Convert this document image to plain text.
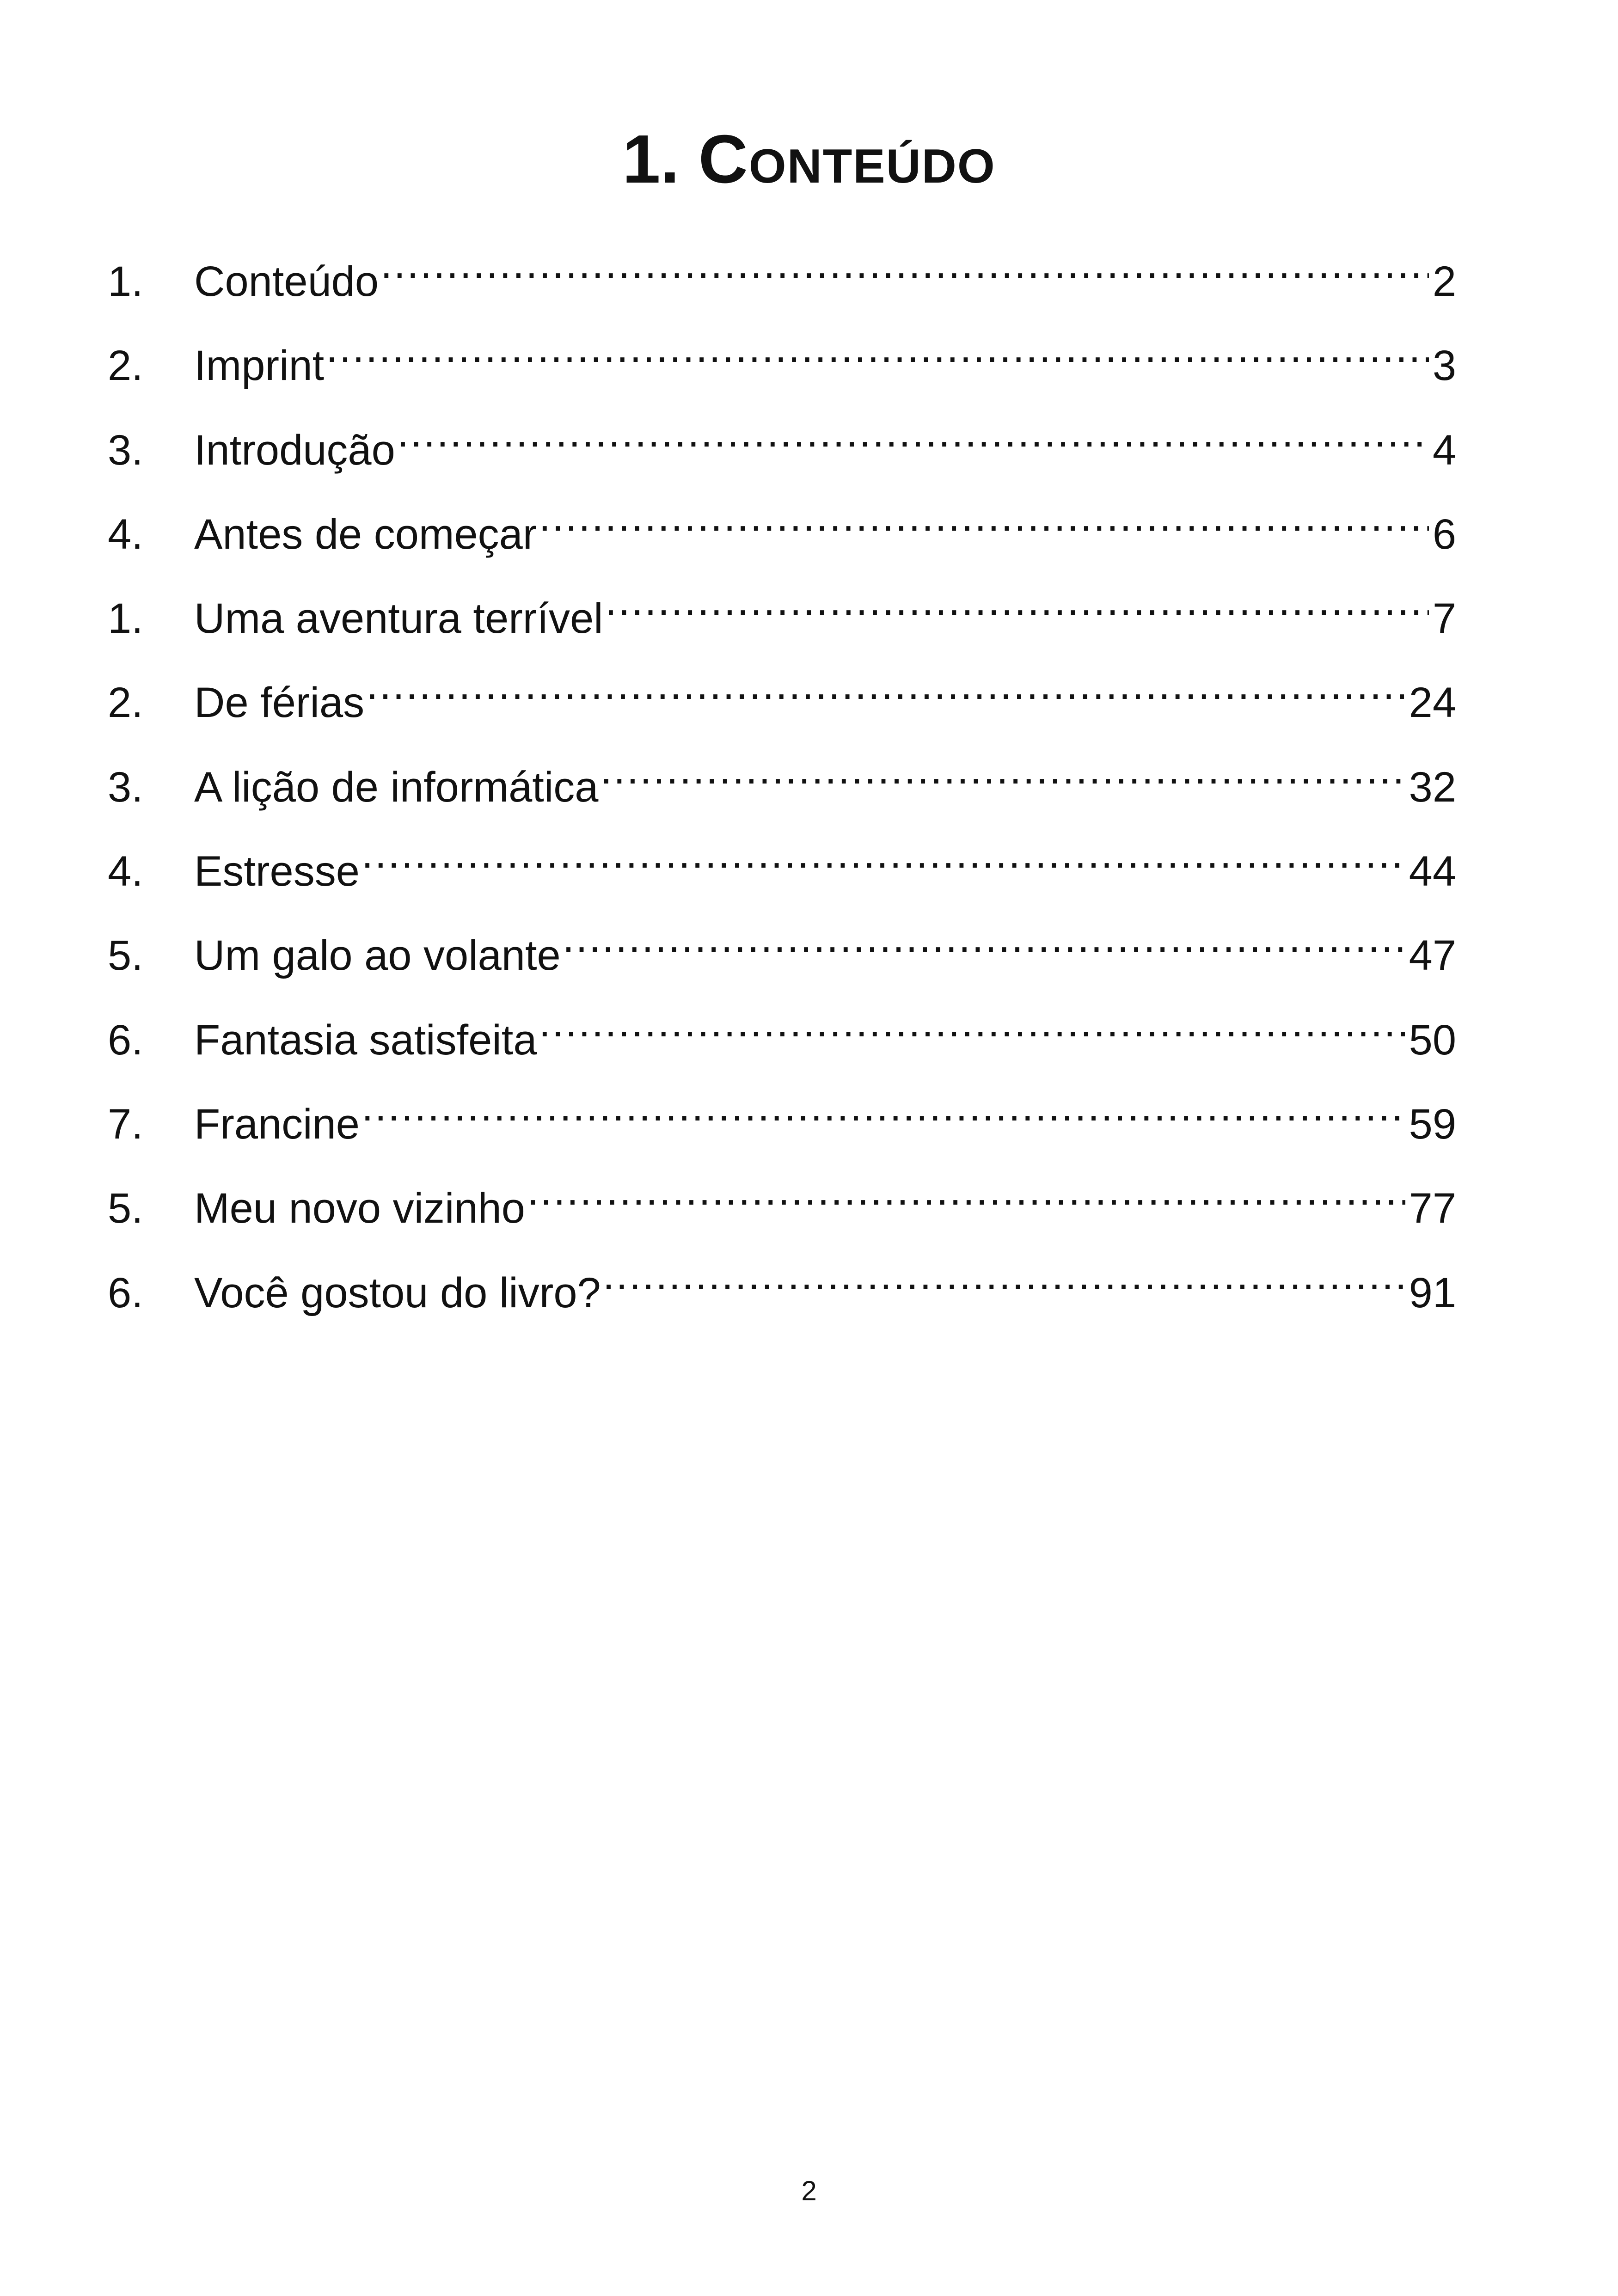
1. Conteúdo
1.	Conteúdo .....	2
2.	Imprint .....	3
3.	Introdução .....	4
4.	Antes de começar .....	6
1.	Uma aventura terrível .....	7
2.	De férias .....	24
3.	A lição de informática .....	32
4.	Estresse .....	44
5.	Um galo ao volante .....	47
6.	Fantasia satisfeita .....	50
7.	Francine .....	59
5.	Meu novo vizinho .....	77
6.	Você gostou do livro? .....	91
2
